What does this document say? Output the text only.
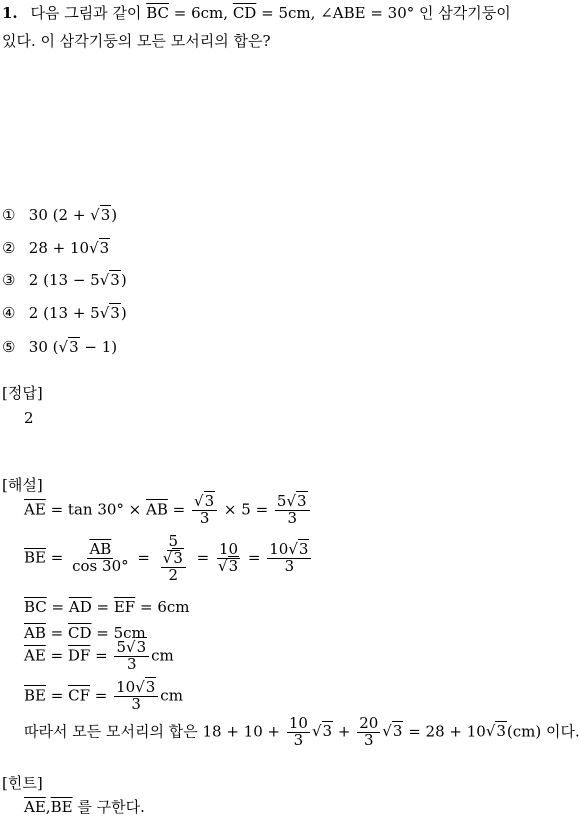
1. 다음 그림과 같이 $\overline{BC} = 6cm$, $\overline{CD} = 5cm$, ∠ABE = 30° 인 삼각기둥이
있다. 이 삼각기둥의 모든 모서리의 합은?
① 30 (2 + √3)
② 28 + 10√3
③ 2 (13 − 5√3)
④ 2 (13 + 5√3)
⑤ 30 (√3 − 1)
[정답]
2
[해설]
$\overline{AE} = \tan 30^\circ \times \overline{AB} = \frac{√3}{3} \times 5 = \frac{5√3}{3}$
$\overline{BE} = \frac{\overline{AB}}{\cos 30^\circ} = \frac{5}{\frac{√3}{2}} = \frac{10}{√3} = \frac{10√3}{3}$
$\overline{BC} = \overline{AD} = \overline{EF} = 6cm$
$\overline{AB} = \overline{CD} = 5cm$
$\overline{AE} = \overline{DF} = \frac{5√3}{3}$ cm
$\overline{BE} = \overline{CF} = \frac{10√3}{3}$ cm
따라서 모든 모서리의 합은 $18 + 10 + \frac{10}{3} √3 + \frac{20}{3} √3 = 28 + 10√3(cm)$ 이다.
[힌트]
$\overline{AE},\overline{BE}$ 를 구한다.
